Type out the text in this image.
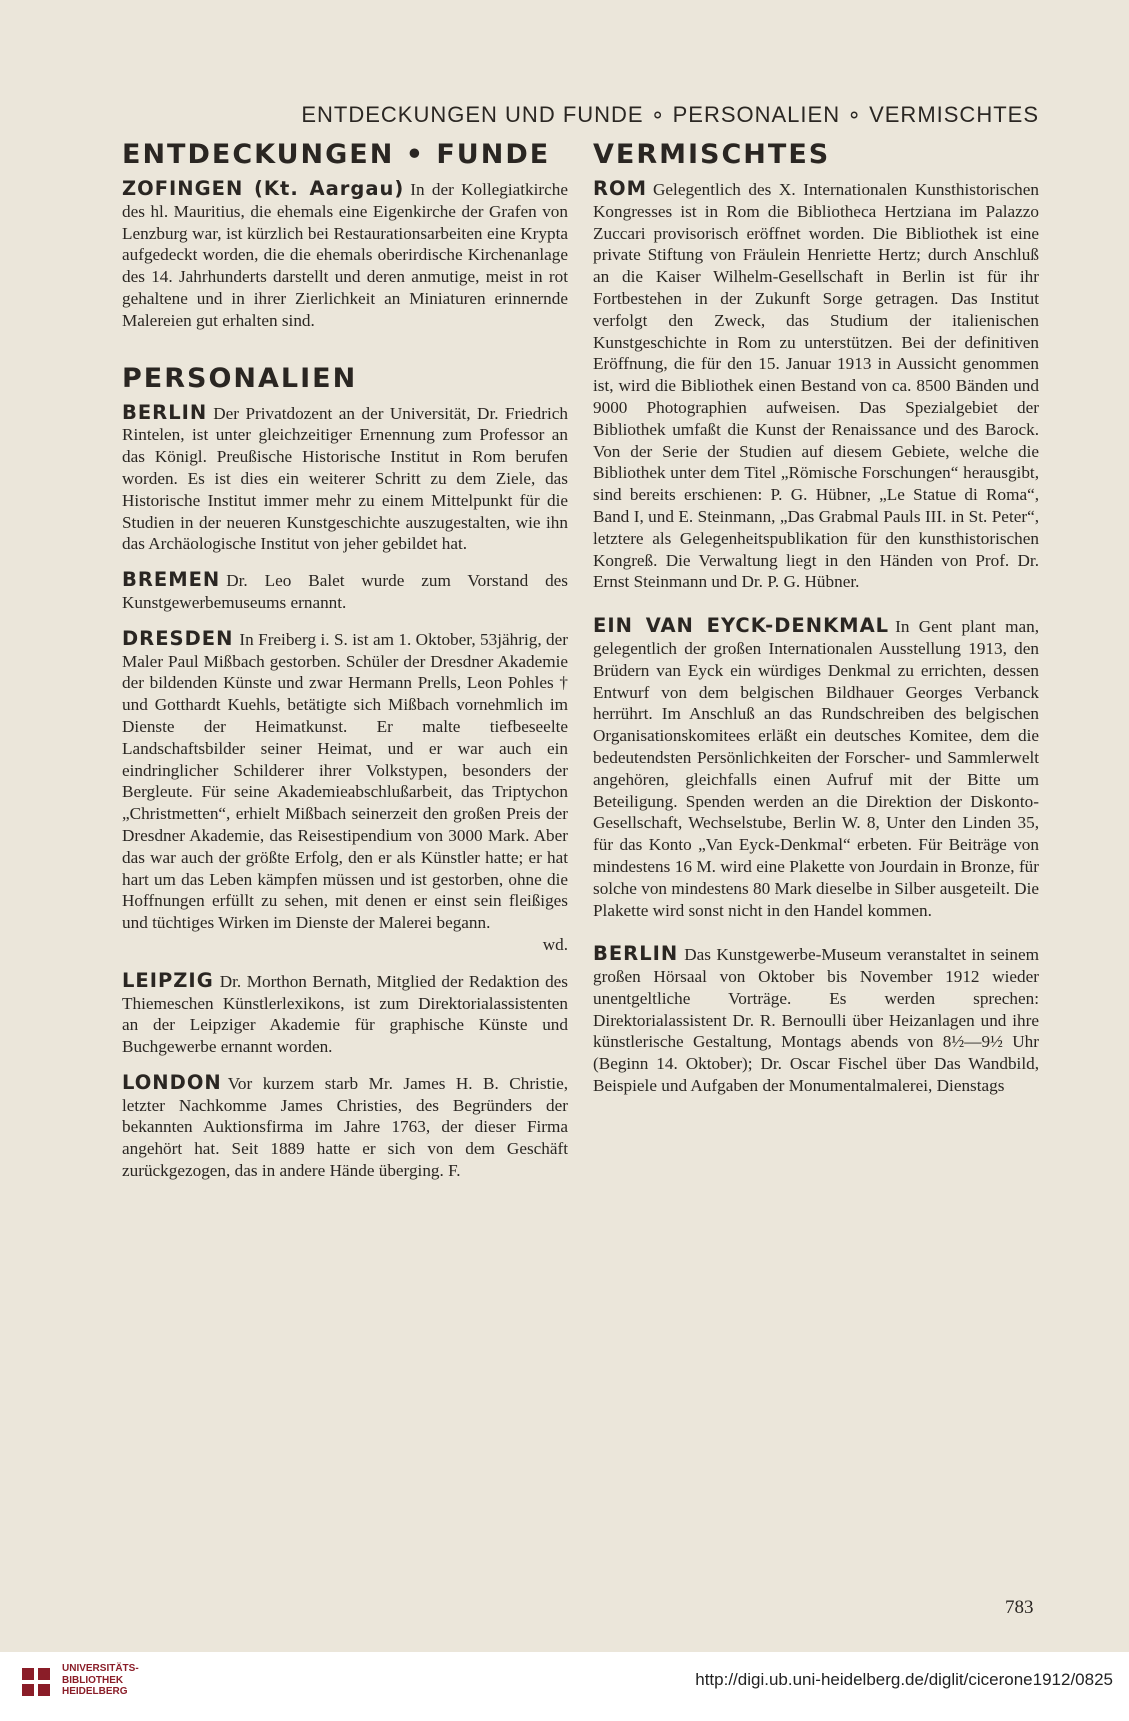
ENTDECKUNGEN UND FUNDE ∘ PERSONALIEN ∘ VERMISCHTES
ENTDECKUNGEN • FUNDE

ZOFINGEN (Kt. Aargau) In der Kollegiatkirche des hl. Mauritius, die ehemals eine Eigenkirche der Grafen von Lenzburg war, ist kürzlich bei Restaurationsarbeiten eine Krypta aufgedeckt worden, die die ehemals oberirdische Kirchenanlage des 14. Jahrhunderts darstellt und deren anmutige, meist in rot gehaltene und in ihrer Zierlichkeit an Miniaturen erinnernde Malereien gut erhalten sind.

PERSONALIEN

BERLIN Der Privatdozent an der Universität, Dr. Friedrich Rintelen, ist unter gleichzeitiger Ernennung zum Professor an das Königl. Preußische Historische Institut in Rom berufen worden. Es ist dies ein weiterer Schritt zu dem Ziele, das Historische Institut immer mehr zu einem Mittelpunkt für die Studien in der neueren Kunstgeschichte auszugestalten, wie ihn das Archäologische Institut von jeher gebildet hat.

BREMEN Dr. Leo Balet wurde zum Vorstand des Kunstgewerbemuseums ernannt.

DRESDEN In Freiberg i. S. ist am 1. Oktober, 53jährig, der Maler Paul Mißbach gestorben. Schüler der Dresdner Akademie der bildenden Künste und zwar Hermann Prells, Leon Pohles † und Gotthardt Kuehls, betätigte sich Mißbach vornehmlich im Dienste der Heimatkunst. Er malte tiefbeseelte Landschaftsbilder seiner Heimat, und er war auch ein eindringlicher Schilderer ihrer Volkstypen, besonders der Bergleute. Für seine Akademieabschlußarbeit, das Triptychon „Christmetten“, erhielt Mißbach seinerzeit den großen Preis der Dresdner Akademie, das Reisestipendium von 3000 Mark. Aber das war auch der größte Erfolg, den er als Künstler hatte; er hat hart um das Leben kämpfen müssen und ist gestorben, ohne die Hoffnungen erfüllt zu sehen, mit denen er einst sein fleißiges und tüchtiges Wirken im Dienste der Malerei begann.

wd.

LEIPZIG Dr. Morthon Bernath, Mitglied der Redaktion des Thiemeschen Künstlerlexikons, ist zum Direktorialassistenten an der Leipziger Akademie für graphische Künste und Buchgewerbe ernannt worden.

LONDON Vor kurzem starb Mr. James H. B. Christie, letzter Nachkomme James Christies, des Begründers der bekannten Auktionsfirma im Jahre 1763, der dieser Firma angehört hat. Seit 1889 hatte er sich von dem Geschäft zurückgezogen, das in andere Hände überging. F.

VERMISCHTES

ROM Gelegentlich des X. Internationalen Kunsthistorischen Kongresses ist in Rom die Bibliotheca Hertziana im Palazzo Zuccari provisorisch eröffnet worden. Die Bibliothek ist eine private Stiftung von Fräulein Henriette Hertz; durch Anschluß an die Kaiser Wilhelm-Gesellschaft in Berlin ist für ihr Fortbestehen in der Zukunft Sorge getragen. Das Institut verfolgt den Zweck, das Studium der italienischen Kunstgeschichte in Rom zu unterstützen. Bei der definitiven Eröffnung, die für den 15. Januar 1913 in Aussicht genommen ist, wird die Bibliothek einen Bestand von ca. 8500 Bänden und 9000 Photographien aufweisen. Das Spezialgebiet der Bibliothek umfaßt die Kunst der Renaissance und des Barock. Von der Serie der Studien auf diesem Gebiete, welche die Bibliothek unter dem Titel „Römische Forschungen“ herausgibt, sind bereits erschienen: P. G. Hübner, „Le Statue di Roma“, Band I, und E. Steinmann, „Das Grabmal Pauls III. in St. Peter“, letztere als Gelegenheitspublikation für den kunsthistorischen Kongreß. Die Verwaltung liegt in den Händen von Prof. Dr. Ernst Steinmann und Dr. P. G. Hübner.

EIN VAN EYCK-DENKMAL In Gent plant man, gelegentlich der großen Internationalen Ausstellung 1913, den Brüdern van Eyck ein würdiges Denkmal zu errichten, dessen Entwurf von dem belgischen Bildhauer Georges Verbanck herrührt. Im Anschluß an das Rundschreiben des belgischen Organisationskomitees erläßt ein deutsches Komitee, dem die bedeutendsten Persönlichkeiten der Forscher- und Sammlerwelt angehören, gleichfalls einen Aufruf mit der Bitte um Beteiligung. Spenden werden an die Direktion der Diskonto-Gesellschaft, Wechselstube, Berlin W. 8, Unter den Linden 35, für das Konto „Van Eyck-Denkmal“ erbeten. Für Beiträge von mindestens 16 M. wird eine Plakette von Jourdain in Bronze, für solche von mindestens 80 Mark dieselbe in Silber ausgeteilt. Die Plakette wird sonst nicht in den Handel kommen.

BERLIN Das Kunstgewerbe-Museum veranstaltet in seinem großen Hörsaal von Oktober bis November 1912 wieder unentgeltliche Vorträge. Es werden sprechen: Direktorialassistent Dr. R. Bernoulli über Heizanlagen und ihre künstlerische Gestaltung, Montags abends von 8½—9½ Uhr (Beginn 14. Oktober); Dr. Oscar Fischel über Das Wandbild, Beispiele und Aufgaben der Monumentalmalerei, Dienstags

783
UNIVERSITÄTS-
BIBLIOTHEK
HEIDELBERG
http://digi.ub.uni-heidelberg.de/diglit/cicerone1912/0825
